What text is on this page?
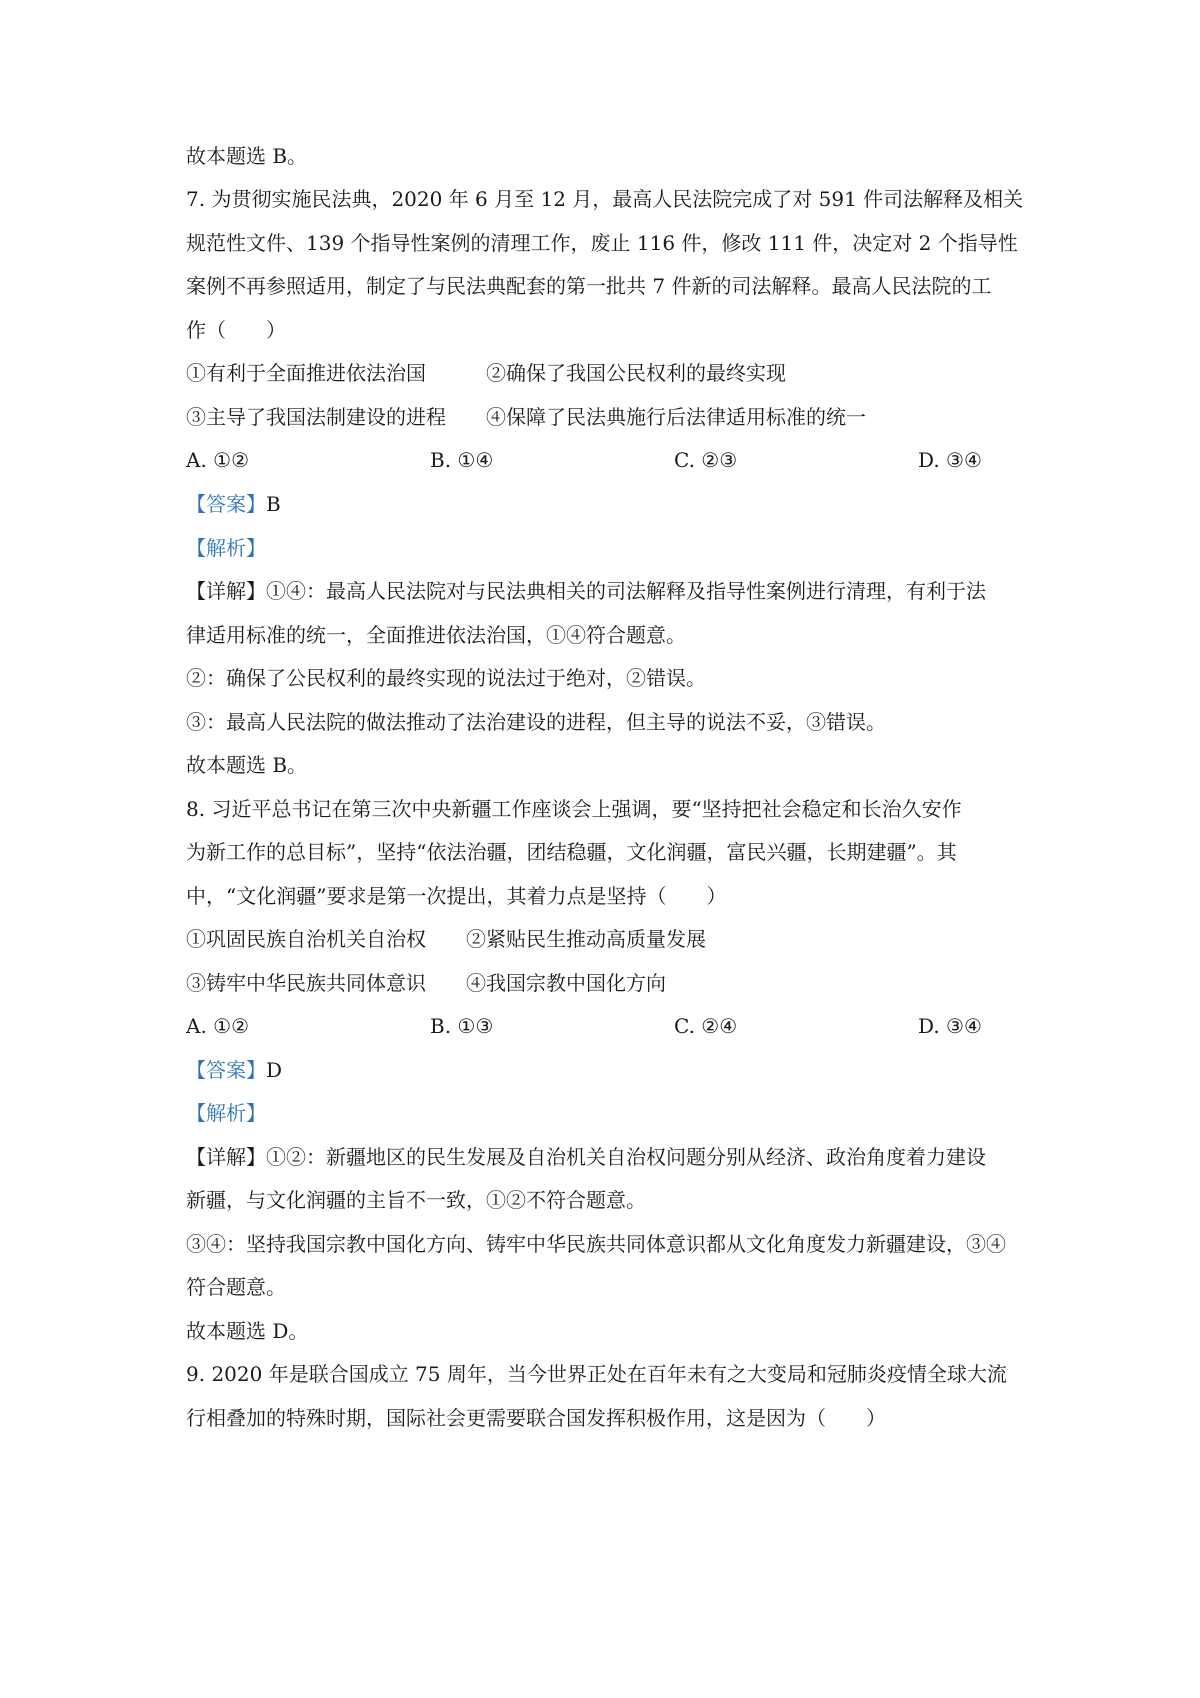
故本题选 B。
7. 为贯彻实施民法典，2020 年 6 月至 12 月，最高人民法院完成了对 591 件司法解释及相关
规范性文件、139 个指导性案例的清理工作，废止 116 件，修改 111 件，决定对 2 个指导性
案例不再参照适用，制定了与民法典配套的第一批共 7 件新的司法解释。最高人民法院的工
作（　　）
①有利于全面推进依法治国　　　②确保了我国公民权利的最终实现
③主导了我国法制建设的进程　　④保障了民法典施行后法律适用标准的统一
A. ①②	B. ①④	C. ②③	D. ③④
【答案】B
【解析】
【详解】①④：最高人民法院对与民法典相关的司法解释及指导性案例进行清理，有利于法
律适用标准的统一，全面推进依法治国，①④符合题意。
②：确保了公民权利的最终实现的说法过于绝对，②错误。
③：最高人民法院的做法推动了法治建设的进程，但主导的说法不妥，③错误。
故本题选 B。
8. 习近平总书记在第三次中央新疆工作座谈会上强调，要“坚持把社会稳定和长治久安作
为新工作的总目标”，坚持“依法治疆，团结稳疆，文化润疆，富民兴疆，长期建疆”。其
中，“文化润疆”要求是第一次提出，其着力点是坚持（　　）
①巩固民族自治机关自治权　　②紧贴民生推动高质量发展
③铸牢中华民族共同体意识　　④我国宗教中国化方向
A. ①②	B. ①③	C. ②④	D. ③④
【答案】D
【解析】
【详解】①②：新疆地区的民生发展及自治机关自治权问题分别从经济、政治角度着力建设
新疆，与文化润疆的主旨不一致，①②不符合题意。
③④：坚持我国宗教中国化方向、铸牢中华民族共同体意识都从文化角度发力新疆建设，③④
符合题意。
故本题选 D。
9. 2020 年是联合国成立 75 周年，当今世界正处在百年未有之大变局和冠肺炎疫情全球大流
行相叠加的特殊时期，国际社会更需要联合国发挥积极作用，这是因为（　　）
